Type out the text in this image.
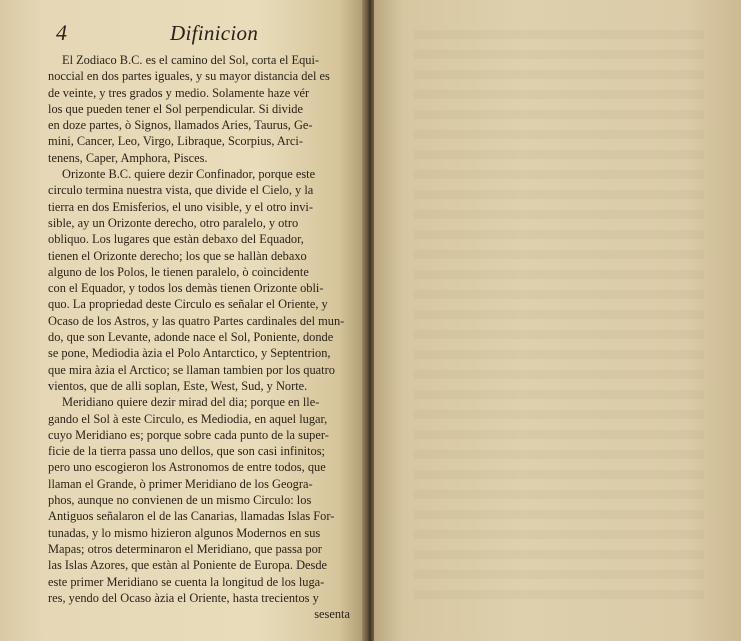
4	Difinicion
El Zodiaco B.C. es el camino del Sol, corta el Equi-
noccial en dos partes iguales, y su mayor distancia del es
de veinte, y tres grados y medio. Solamente haze vér
los que pueden tener el Sol perpendicular. Si divide
en doze partes, ò Signos, llamados Aries, Taurus, Ge-
mini, Cancer, Leo, Virgo, Libraque, Scorpius, Arci-
tenens, Caper, Amphora, Pisces.
Orizonte B.C. quiere dezir Confinador, porque este
circulo termina nuestra vista, que divide el Cielo, y la
tierra en dos Emisferios, el uno visible, y el otro invi-
sible, ay un Orizonte derecho, otro paralelo, y otro
obliquo. Los lugares que estàn debaxo del Equador,
tienen el Orizonte derecho; los que se hallàn debaxo
alguno de los Polos, le tienen paralelo, ò coincidente
con el Equador, y todos los demàs tienen Orizonte obli-
quo. La propriedad deste Circulo es señalar el Oriente, y
Ocaso de los Astros, y las quatro Partes cardinales del mun-
do, que son Levante, adonde nace el Sol, Poniente, donde
se pone, Mediodia àzia el Polo Antarctico, y Septentrion,
que mira àzia el Arctico; se llaman tambien por los quatro
vientos, que de alli soplan, Este, West, Sud, y Norte.
Meridiano quiere dezir mirad del dia; porque en lle-
gando el Sol à este Circulo, es Mediodia, en aquel lugar,
cuyo Meridiano es; porque sobre cada punto de la super-
ficie de la tierra passa uno dellos, que son casi infinitos;
pero uno escogieron los Astronomos de entre todos, que
llaman el Grande, ò primer Meridiano de los Geogra-
phos, aunque no convienen de un mismo Circulo: los
Antiguos señalaron el de las Canarias, llamadas Islas For-
tunadas, y lo mismo hizieron algunos Modernos en sus
Mapas; otros determinaron el Meridiano, que passa por
las Islas Azores, que estàn al Poniente de Europa. Desde
este primer Meridiano se cuenta la longitud de los luga-
res, yendo del Ocaso àzia el Oriente, hasta trecientos y
sesenta
